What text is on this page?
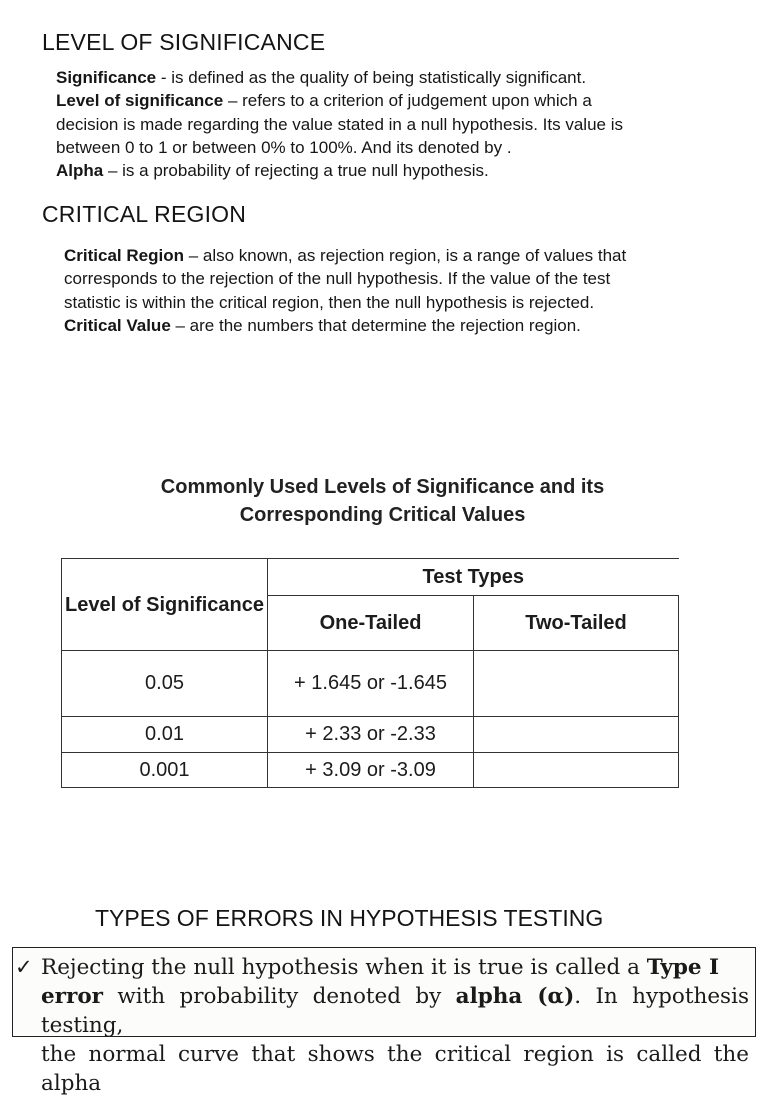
LEVEL OF SIGNIFICANCE

Significance - is defined as the quality of being statistically significant.

Level of significance – refers to a criterion of judgement upon which a

decision is made regarding the value stated in a null hypothesis. Its value is

between 0 to 1 or between 0% to 100%. And its denoted by .

Alpha – is a probability of rejecting a true null hypothesis.

CRITICAL REGION

Critical Region – also known, as rejection region, is a range of values that

corresponds to the rejection of the null hypothesis. If the value of the test

statistic is within the critical region, then the null hypothesis is rejected.

Critical Value – are the numbers that determine the rejection region.

Commonly Used Levels of Significance and its
Corresponding Critical Values
Level of Significance	Test Types	
	One-Tailed	Two-Tailed
0.05	+ 1.645 or -1.645	
0.01	+ 2.33 or -2.33	
0.001	+ 3.09 or -3.09	
TYPES OF ERRORS IN HYPOTHESIS TESTING
✓ Rejecting the null hypothesis when it is true is called a Type I

error with probability denoted by alpha (α). In hypothesis testing,

the normal curve that shows the critical region is called the alpha
